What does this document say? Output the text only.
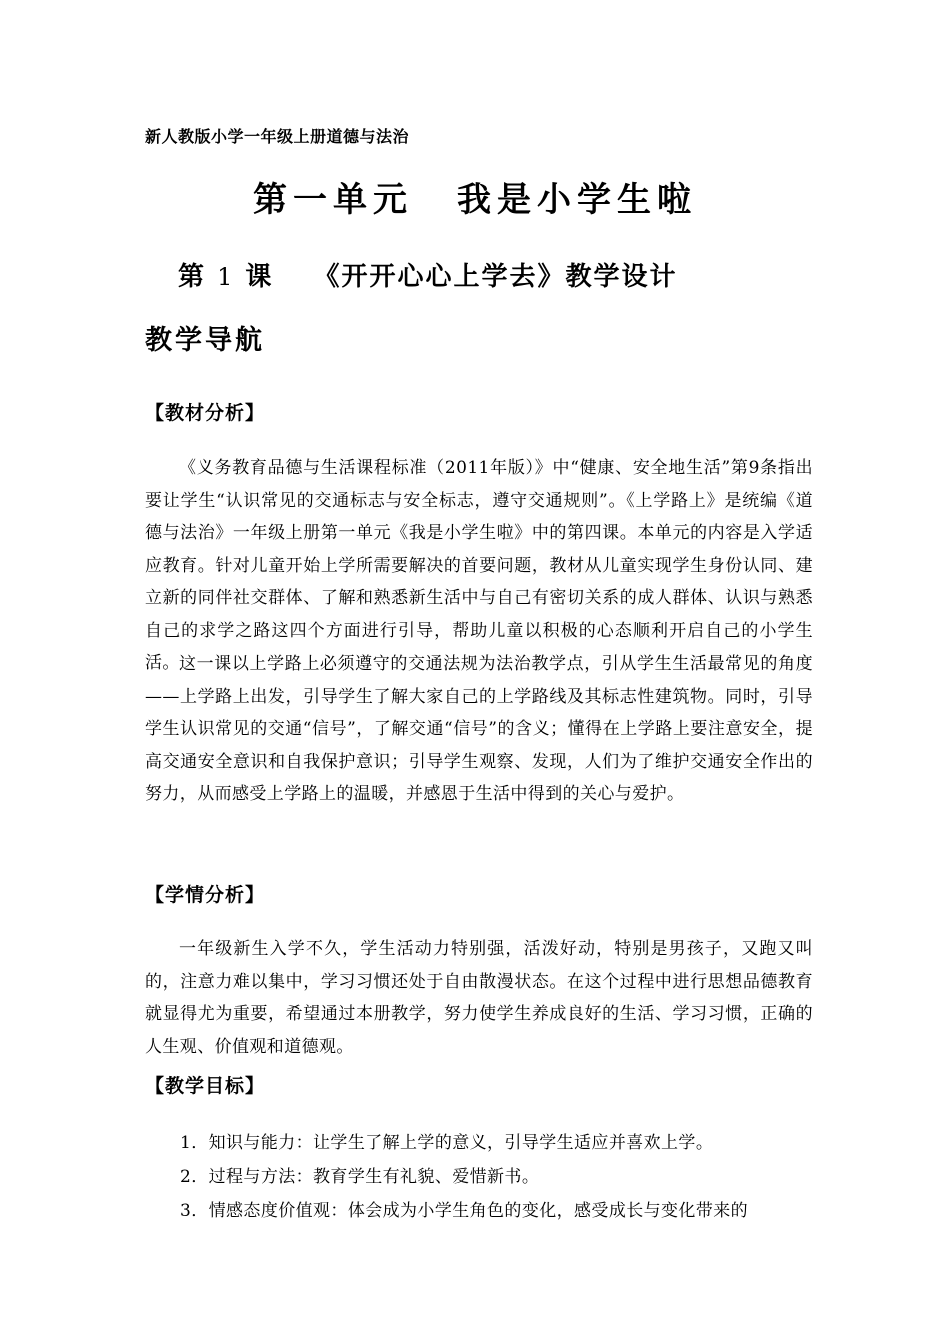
新人教版小学一年级上册道德与法治
第一单元 我是小学生啦
第 1 课 《开开心心上学去》教学设计
教学导航
【教材分析】
《义务教育品德与生活课程标准（2011年版）》中“健康、安全地生活”第9条指出要让学生“认识常见的交通标志与安全标志，遵守交通规则”。《上学路上》是统编《道德与法治》一年级上册第一单元《我是小学生啦》中的第四课。本单元的内容是入学适应教育。针对儿童开始上学所需要解决的首要问题，教材从儿童实现学生身份认同、建立新的同伴社交群体、了解和熟悉新生活中与自己有密切关系的成人群体、认识与熟悉自己的求学之路这四个方面进行引导，帮助儿童以积极的心态顺利开启自己的小学生活。 这一课以上学路上必须遵守的交通法规为法治教学点，引从学生生活最常见的角度——上学路上出发，引导学生了解大家自己的上学路线及其标志性建筑物。同时，引导学生认识常见的交通“信号”，了解交通“信号”的含义；懂得在上学路上要注意安全，提高交通安全意识和自我保护意识；引导学生观察、发现，人们为了维护交通安全作出的努力，从而感受上学路上的温暖，并感恩于生活中得到的关心与爱护。
【学情分析】
一年级新生入学不久，学生活动力特别强，活泼好动，特别是男孩子，又跑又叫的，注意力难以集中，学习习惯还处于自由散漫状态。在这个过程中进行思想品德教育就显得尤为重要，希望通过本册教学，努力使学生养成良好的生活、学习习惯，正确的人生观、价值观和道德观。
【教学目标】
1．知识与能力：让学生了解上学的意义，引导学生适应并喜欢上学。
2．过程与方法：教育学生有礼貌、爱惜新书。
3．情感态度价值观：体会成为小学生角色的变化，感受成长与变化带来的
